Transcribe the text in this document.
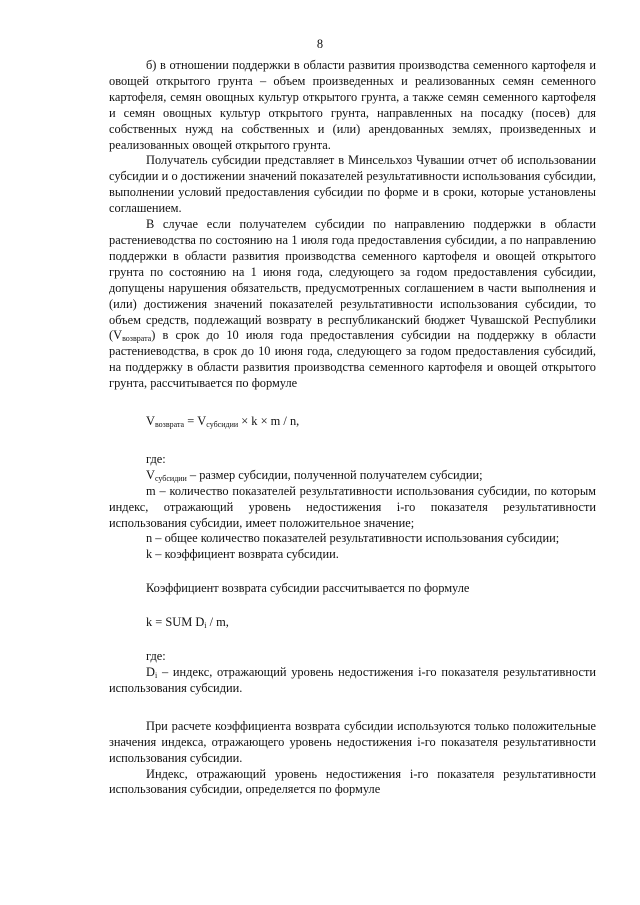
8

б) в отношении поддержки в области развития производства семенного картофеля и овощей открытого грунта – объем произведенных и реализованных семян семенного картофеля, семян овощных культур открытого грунта, а также семян семенного картофеля и семян овощных культур открытого грунта, направленных на посадку (посев) для собственных нужд на собственных и (или) арендованных землях, произведенных и реализованных овощей открытого грунта.

Получатель субсидии представляет в Минсельхоз Чувашии отчет об использовании субсидии и о достижении значений показателей результативности использования субсидии, выполнении условий предоставления субсидии по форме и в сроки, которые установлены соглашением.

В случае если получателем субсидии по направлению поддержки в области растениеводства по состоянию на 1 июля года предоставления субсидии, а по направлению поддержки в области развития производства семенного картофеля и овощей открытого грунта по состоянию на 1 июня года, следующего за годом предоставления субсидии, допущены нарушения обязательств, предусмотренных соглашением в части выполнения и (или) достижения значений показателей результативности использования субсидии, то объем средств, подлежащий возврату в республиканский бюджет Чувашской Республики $(V_{возврата})$ в срок до 10 июля года предоставления субсидии на поддержку в области растениеводства, в срок до 10 июня года, следующего за годом предоставления субсидий, на поддержку в области развития производства семенного картофеля и овощей открытого грунта, рассчитывается по формуле

$V_{возврата} = V_{субсидии} \times k \times m / n$,

где:

$V_{субсидии}$ – размер субсидии, полученной получателем субсидии;

m – количество показателей результативности использования субсидии, по которым индекс, отражающий уровень недостижения i-го показателя результативности использования субсидии, имеет положительное значение;

n – общее количество показателей результативности использования субсидии;

k – коэффициент возврата субсидии.

Коэффициент возврата субсидии рассчитывается по формуле

k = SUM $D_i$ / m,

где:

$D_i$ – индекс, отражающий уровень недостижения i-го показателя результативности использования субсидии.

При расчете коэффициента возврата субсидии используются только положительные значения индекса, отражающего уровень недостижения i-го показателя результативности использования субсидии.

Индекс, отражающий уровень недостижения i-го показателя результативности использования субсидии, определяется по формуле
